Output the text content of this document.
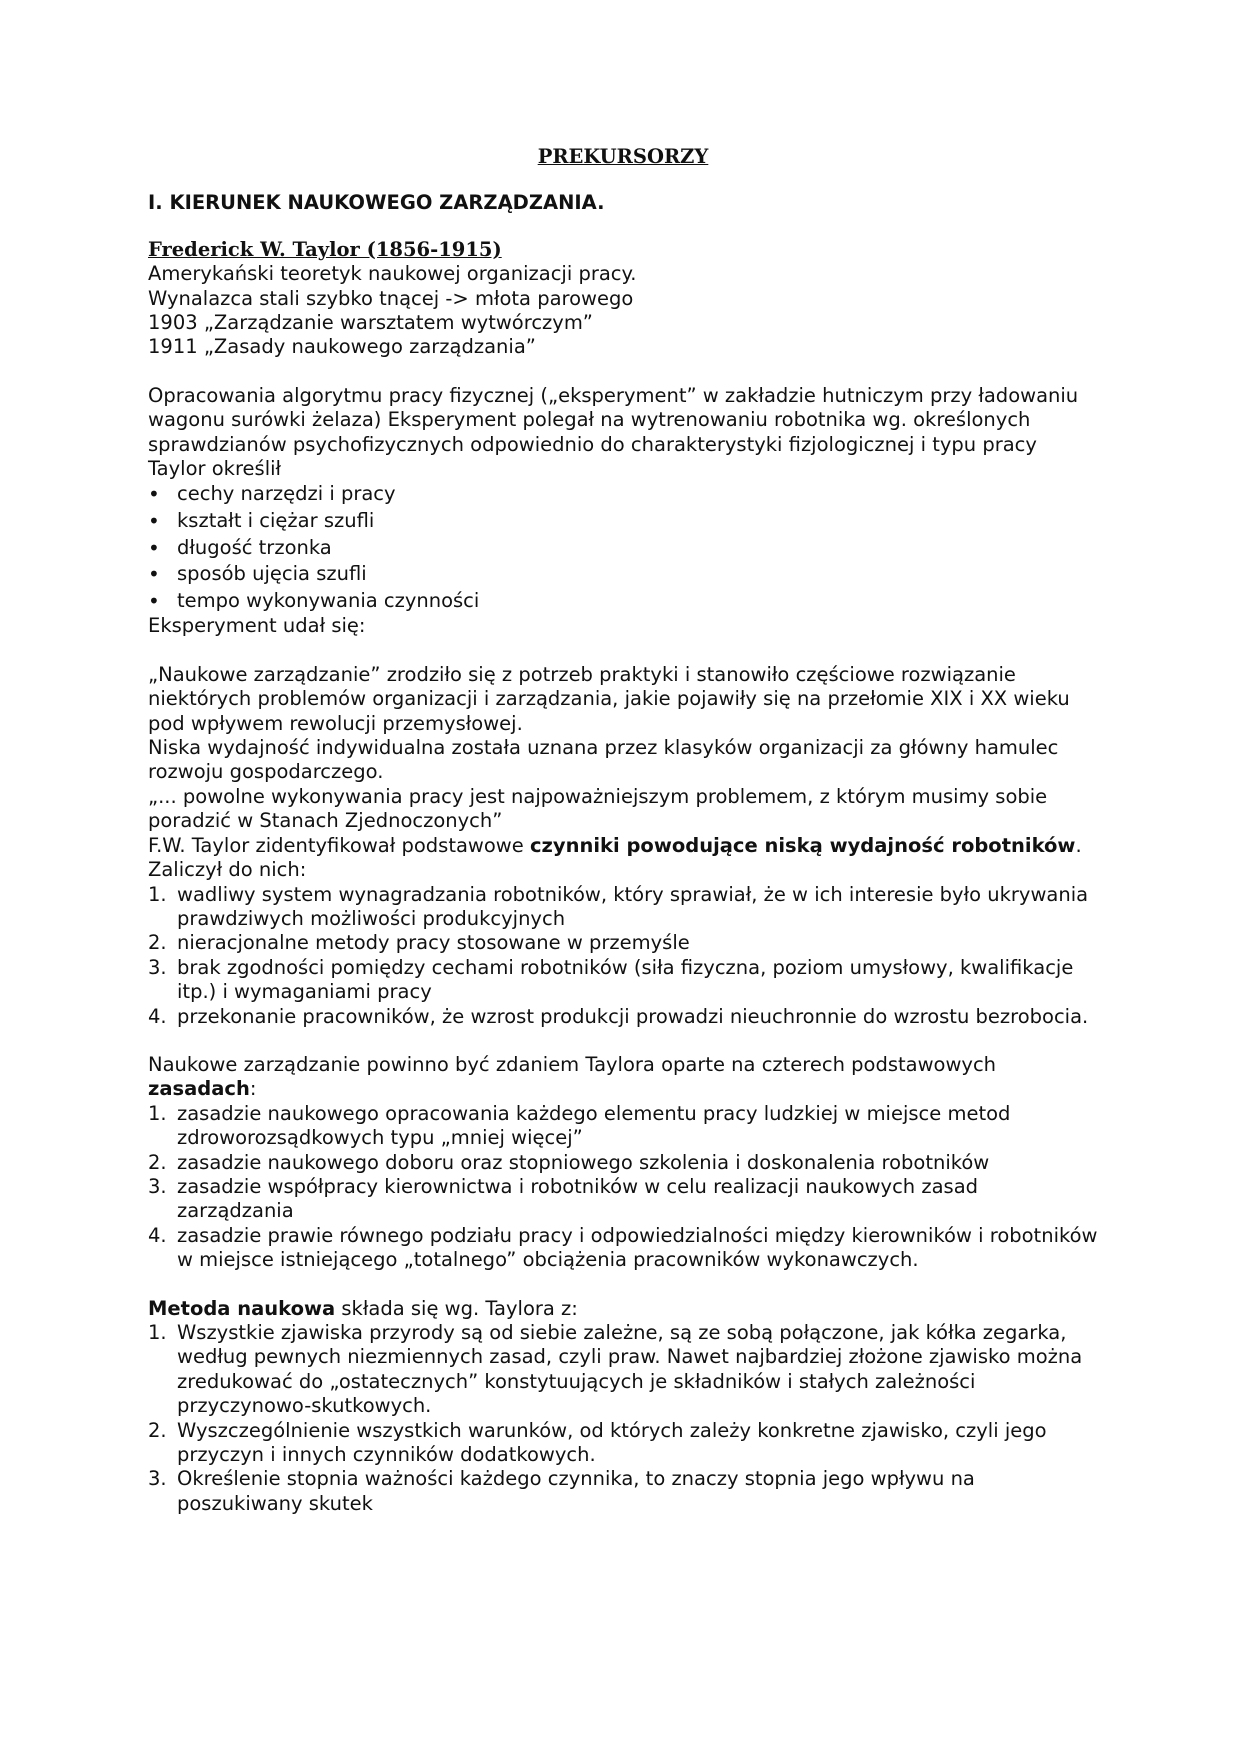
PREKURSORZY

I. KIERUNEK NAUKOWEGO ZARZĄDZANIA.

Frederick W. Taylor (1856-1915)

Amerykański teoretyk naukowej organizacji pracy.

Wynalazca stali szybko tnącej -> młota parowego

1903 „Zarządzanie warsztatem wytwórczym”

1911 „Zasady naukowego zarządzania”

Opracowania algorytmu pracy fizycznej („eksperyment” w zakładzie hutniczym przy ładowaniu wagonu surówki żelaza) Eksperyment polegał na wytrenowaniu robotnika wg. określonych sprawdzianów psychofizycznych odpowiednio do charakterystyki fizjologicznej i typu pracy

Taylor określił

• cechy narzędzi i pracy
• kształt i ciężar szufli
• długość trzonka
• sposób ujęcia szufli
• tempo wykonywania czynności

Eksperyment udał się:

„Naukowe zarządzanie” zrodziło się z potrzeb praktyki i stanowiło częściowe rozwiązanie niektórych problemów organizacji i zarządzania, jakie pojawiły się na przełomie XIX i XX wieku pod wpływem rewolucji przemysłowej.

Niska wydajność indywidualna została uznana przez klasyków organizacji za główny hamulec rozwoju gospodarczego.

„... powolne wykonywania pracy jest najpoważniejszym problemem, z którym musimy sobie poradzić w Stanach Zjednoczonych”

F.W. Taylor zidentyfikował podstawowe czynniki powodujące niską wydajność robotników. Zaliczył do nich:

1. wadliwy system wynagradzania robotników, który sprawiał, że w ich interesie było ukrywania prawdziwych możliwości produkcyjnych
2. nieracjonalne metody pracy stosowane w przemyśle
3. brak zgodności pomiędzy cechami robotników (siła fizyczna, poziom umysłowy, kwalifikacje itp.) i wymaganiami pracy
4. przekonanie pracowników, że wzrost produkcji prowadzi nieuchronnie do wzrostu bezrobocia.

Naukowe zarządzanie powinno być zdaniem Taylora oparte na czterech podstawowych zasadach:

1. zasadzie naukowego opracowania każdego elementu pracy ludzkiej w miejsce metod zdroworozsądkowych typu „mniej więcej”
2. zasadzie naukowego doboru oraz stopniowego szkolenia i doskonalenia robotników
3. zasadzie współpracy kierownictwa i robotników w celu realizacji naukowych zasad zarządzania
4. zasadzie prawie równego podziału pracy i odpowiedzialności między kierowników i robotników w miejsce istniejącego „totalnego” obciążenia pracowników wykonawczych.

Metoda naukowa składa się wg. Taylora z:

1. Wszystkie zjawiska przyrody są od siebie zależne, są ze sobą połączone, jak kółka zegarka, według pewnych niezmiennych zasad, czyli praw. Nawet najbardziej złożone zjawisko można zredukować do „ostatecznych” konstytuujących je składników i stałych zależności przyczynowo-skutkowych.
2. Wyszczególnienie wszystkich warunków, od których zależy konkretne zjawisko, czyli jego przyczyn i innych czynników dodatkowych.
3. Określenie stopnia ważności każdego czynnika, to znaczy stopnia jego wpływu na poszukiwany skutek
